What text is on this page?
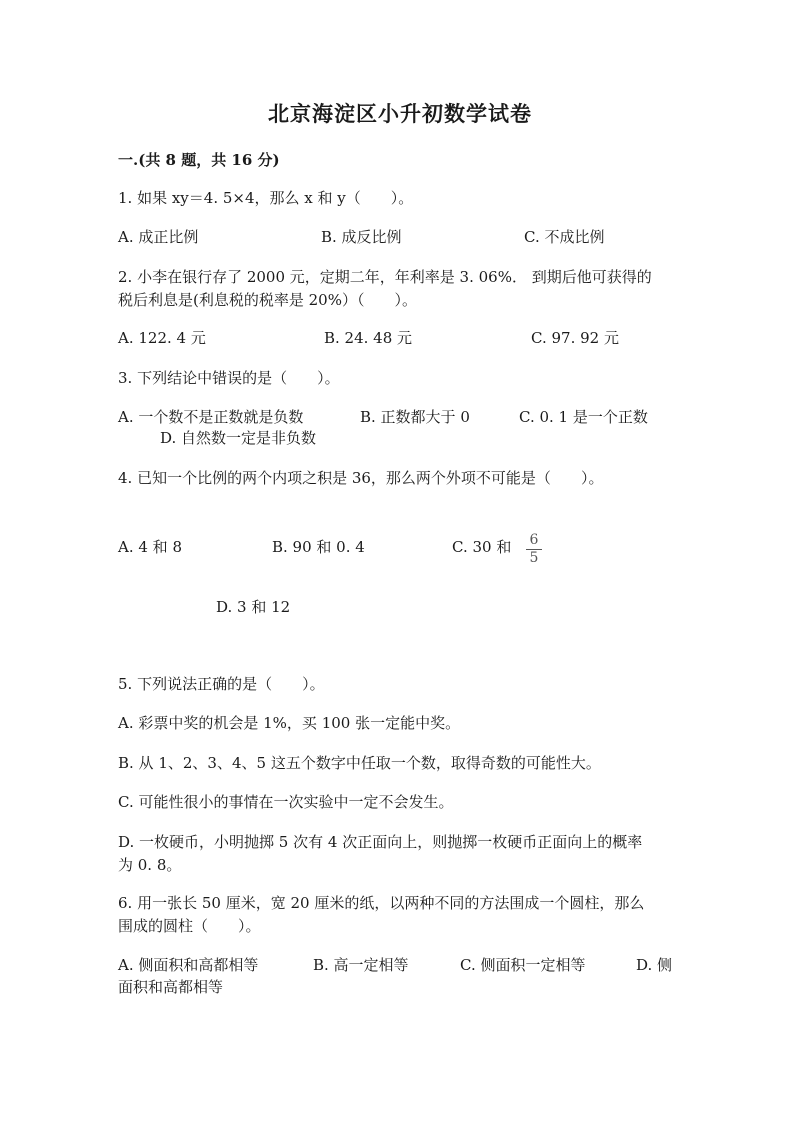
北京海淀区小升初数学试卷
一.(共 8 题，共 16 分)
1. 如果 xy＝4. 5×4，那么 x 和 y（　　）。
A. 成正比例	B. 成反比例	C. 不成比例
2. 小李在银行存了 2000 元，定期二年，年利率是 3. 06%． 到期后他可获得的
税后利息是(利息税的税率是 20%）（　　）。
A. 122. 4 元	B. 24. 48 元	C. 97. 92 元
3. 下列结论中错误的是（　　）。
A. 一个数不是正数就是负数	B. 正数都大于 0	C. 0. 1 是一个正数
D. 自然数一定是非负数
4. 已知一个比例的两个内项之积是 36，那么两个外项不可能是（　　）。
A. 4 和 8	B. 90 和 0. 4	C. 30 和 6
5
D. 3 和 12
5. 下列说法正确的是（　　）。
A. 彩票中奖的机会是 1%，买 100 张一定能中奖。
B. 从 1、2、3、4、5 这五个数字中任取一个数，取得奇数的可能性大。
C. 可能性很小的事情在一次实验中一定不会发生。
D. 一枚硬币，小明抛掷 5 次有 4 次正面向上，则抛掷一枚硬币正面向上的概率
为 0. 8。
6. 用一张长 50 厘米，宽 20 厘米的纸，以两种不同的方法围成一个圆柱，那么
围成的圆柱（　　）。
A. 侧面积和高都相等	B. 高一定相等	C. 侧面积一定相等	D. 侧
面积和高都相等
